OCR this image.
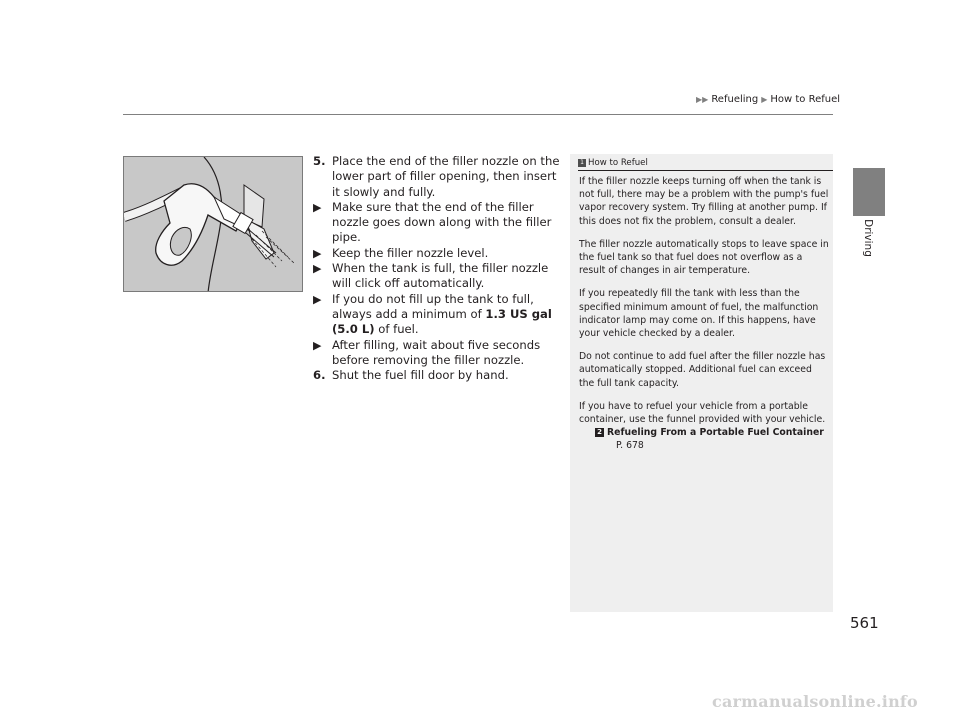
▶▶ Refueling ▶ How to Refuel
Driving
5. Place the end of the filler nozzle on the lower part of filler opening, then insert it slowly and fully.
▶ Make sure that the end of the filler nozzle goes down along with the filler pipe.
▶ Keep the filler nozzle level.
▶ When the tank is full, the filler nozzle will click off automatically.
▶ If you do not fill up the tank to full, always add a minimum of 1.3 US gal (5.0 L) of fuel.
▶ After filling, wait about five seconds before removing the filler nozzle.
6. Shut the fuel fill door by hand.
1 How to Refuel

If the filler nozzle keeps turning off when the tank is not full, there may be a problem with the pump's fuel vapor recovery system. Try filling at another pump. If this does not fix the problem, consult a dealer.

The filler nozzle automatically stops to leave space in the fuel tank so that fuel does not overflow as a result of changes in air temperature.

If you repeatedly fill the tank with less than the specified minimum amount of fuel, the malfunction indicator lamp may come on. If this happens, have your vehicle checked by a dealer.

Do not continue to add fuel after the filler nozzle has automatically stopped. Additional fuel can exceed the full tank capacity.

If you have to refuel your vehicle from a portable container, use the funnel provided with your vehicle.

2 Refueling From a Portable Fuel Container
P. 678
561
carmanualsonline.info
